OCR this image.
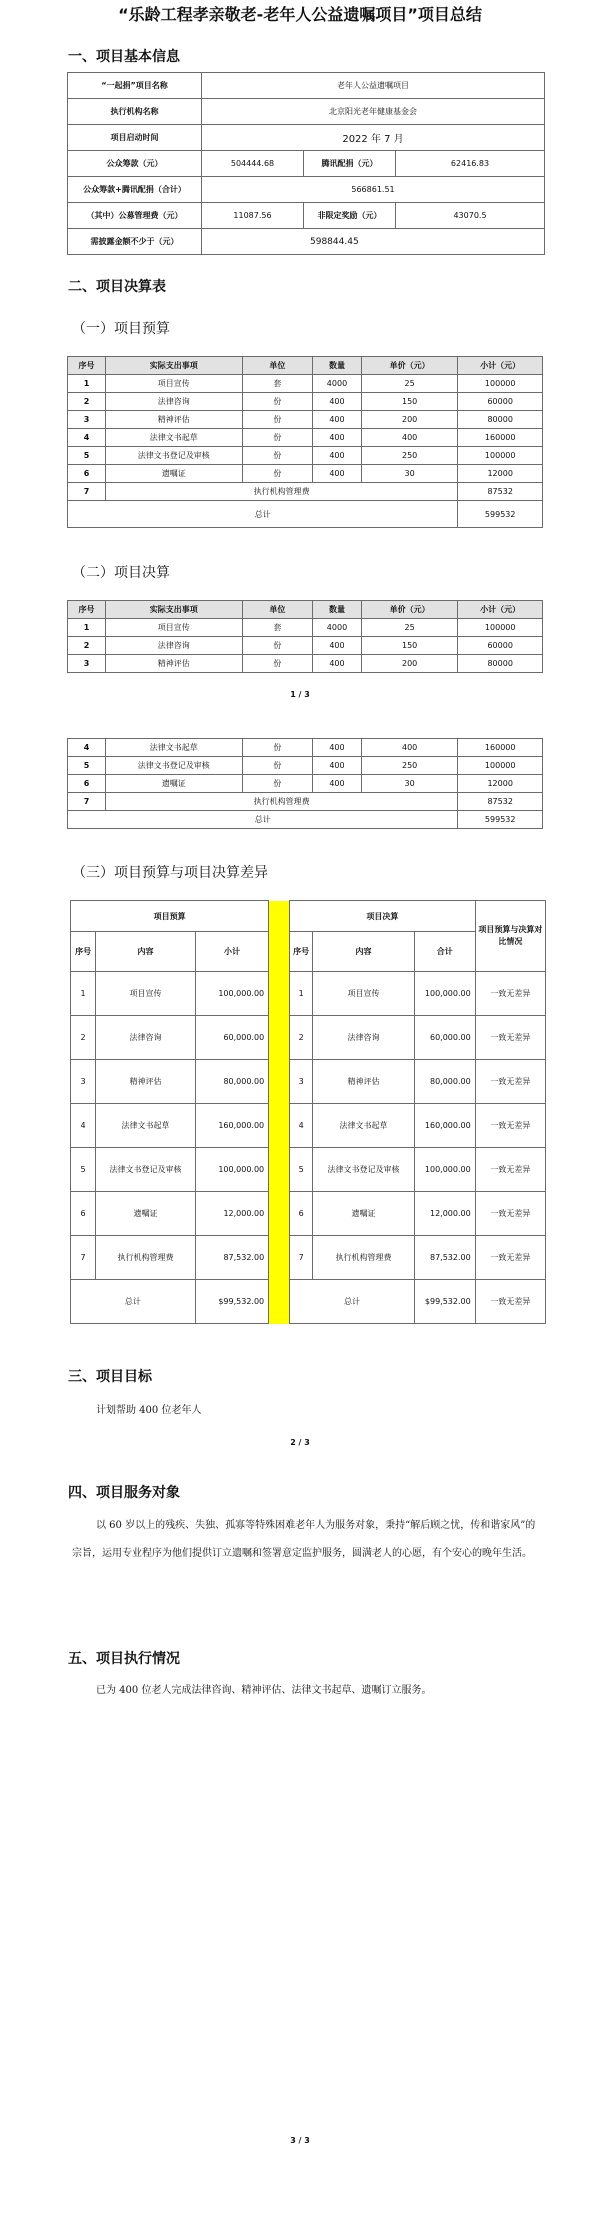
“乐龄工程孝亲敬老-老年人公益遗嘱项目”项目总结
一、项目基本信息
“一起捐”项目名称	老年人公益遗嘱项目		
执行机构名称	北京阳光老年健康基金会		
项目启动时间	2022 年 7 月		
公众筹款（元）	504444.68	腾讯配捐（元）	62416.83
公众筹款+腾讯配捐（合计）	566861.51		
（其中）公募管理费（元）	11087.56	非限定奖励（元）	43070.5
需披露金额不少于（元）	598844.45		
二、项目决算表
（一）项目预算
序号	实际支出事项	单位	数量	单价（元）	小计（元）
1	项目宣传	套	4000	25	100000
2	法律咨询	份	400	150	60000
3	精神评估	份	400	200	80000
4	法律文书起草	份	400	400	160000
5	法律文书登记及审核	份	400	250	100000
6	遗嘱证	份	400	30	12000
7	执行机构管理费				87532
总计					599532
（二）项目决算
序号	实际支出事项	单位	数量	单价（元）	小计（元）
1	项目宣传	套	4000	25	100000
2	法律咨询	份	400	150	60000
3	精神评估	份	400	200	80000
1 / 3
4	法律文书起草	份	400	400	160000
5	法律文书登记及审核	份	400	250	100000
6	遗嘱证	份	400	30	12000
7	执行机构管理费				87532
总计					599532
（三）项目预算与项目决算差异
项目预算				项目决算			项目预算与决算对比情况
序号	内容	小计		序号	内容	合计	
1	项目宣传	100,000.00		1	项目宣传	100,000.00	一致无差异
2	法律咨询	60,000.00		2	法律咨询	60,000.00	一致无差异
3	精神评估	80,000.00		3	精神评估	80,000.00	一致无差异
4	法律文书起草	160,000.00		4	法律文书起草	160,000.00	一致无差异
5	法律文书登记及审核	100,000.00		5	法律文书登记及审核	100,000.00	一致无差异
6	遗嘱证	12,000.00		6	遗嘱证	12,000.00	一致无差异
7	执行机构管理费	87,532.00		7	执行机构管理费	87,532.00	一致无差异
总计		$99,532.00		总计		$99,532.00	一致无差异
三、项目目标
计划帮助 400 位老年人
2 / 3
四、项目服务对象
以 60 岁以上的残疾、失独、孤寡等特殊困难老年人为服务对象，秉持“解后顾之忧，传和谐家风”的宗旨，运用专业程序为他们提供订立遗嘱和签署意定监护服务，圆满老人的心愿，有个安心的晚年生活。
五、项目执行情况
已为 400 位老人完成法律咨询、精神评估、法律文书起草、遗嘱订立服务。
3 / 3
